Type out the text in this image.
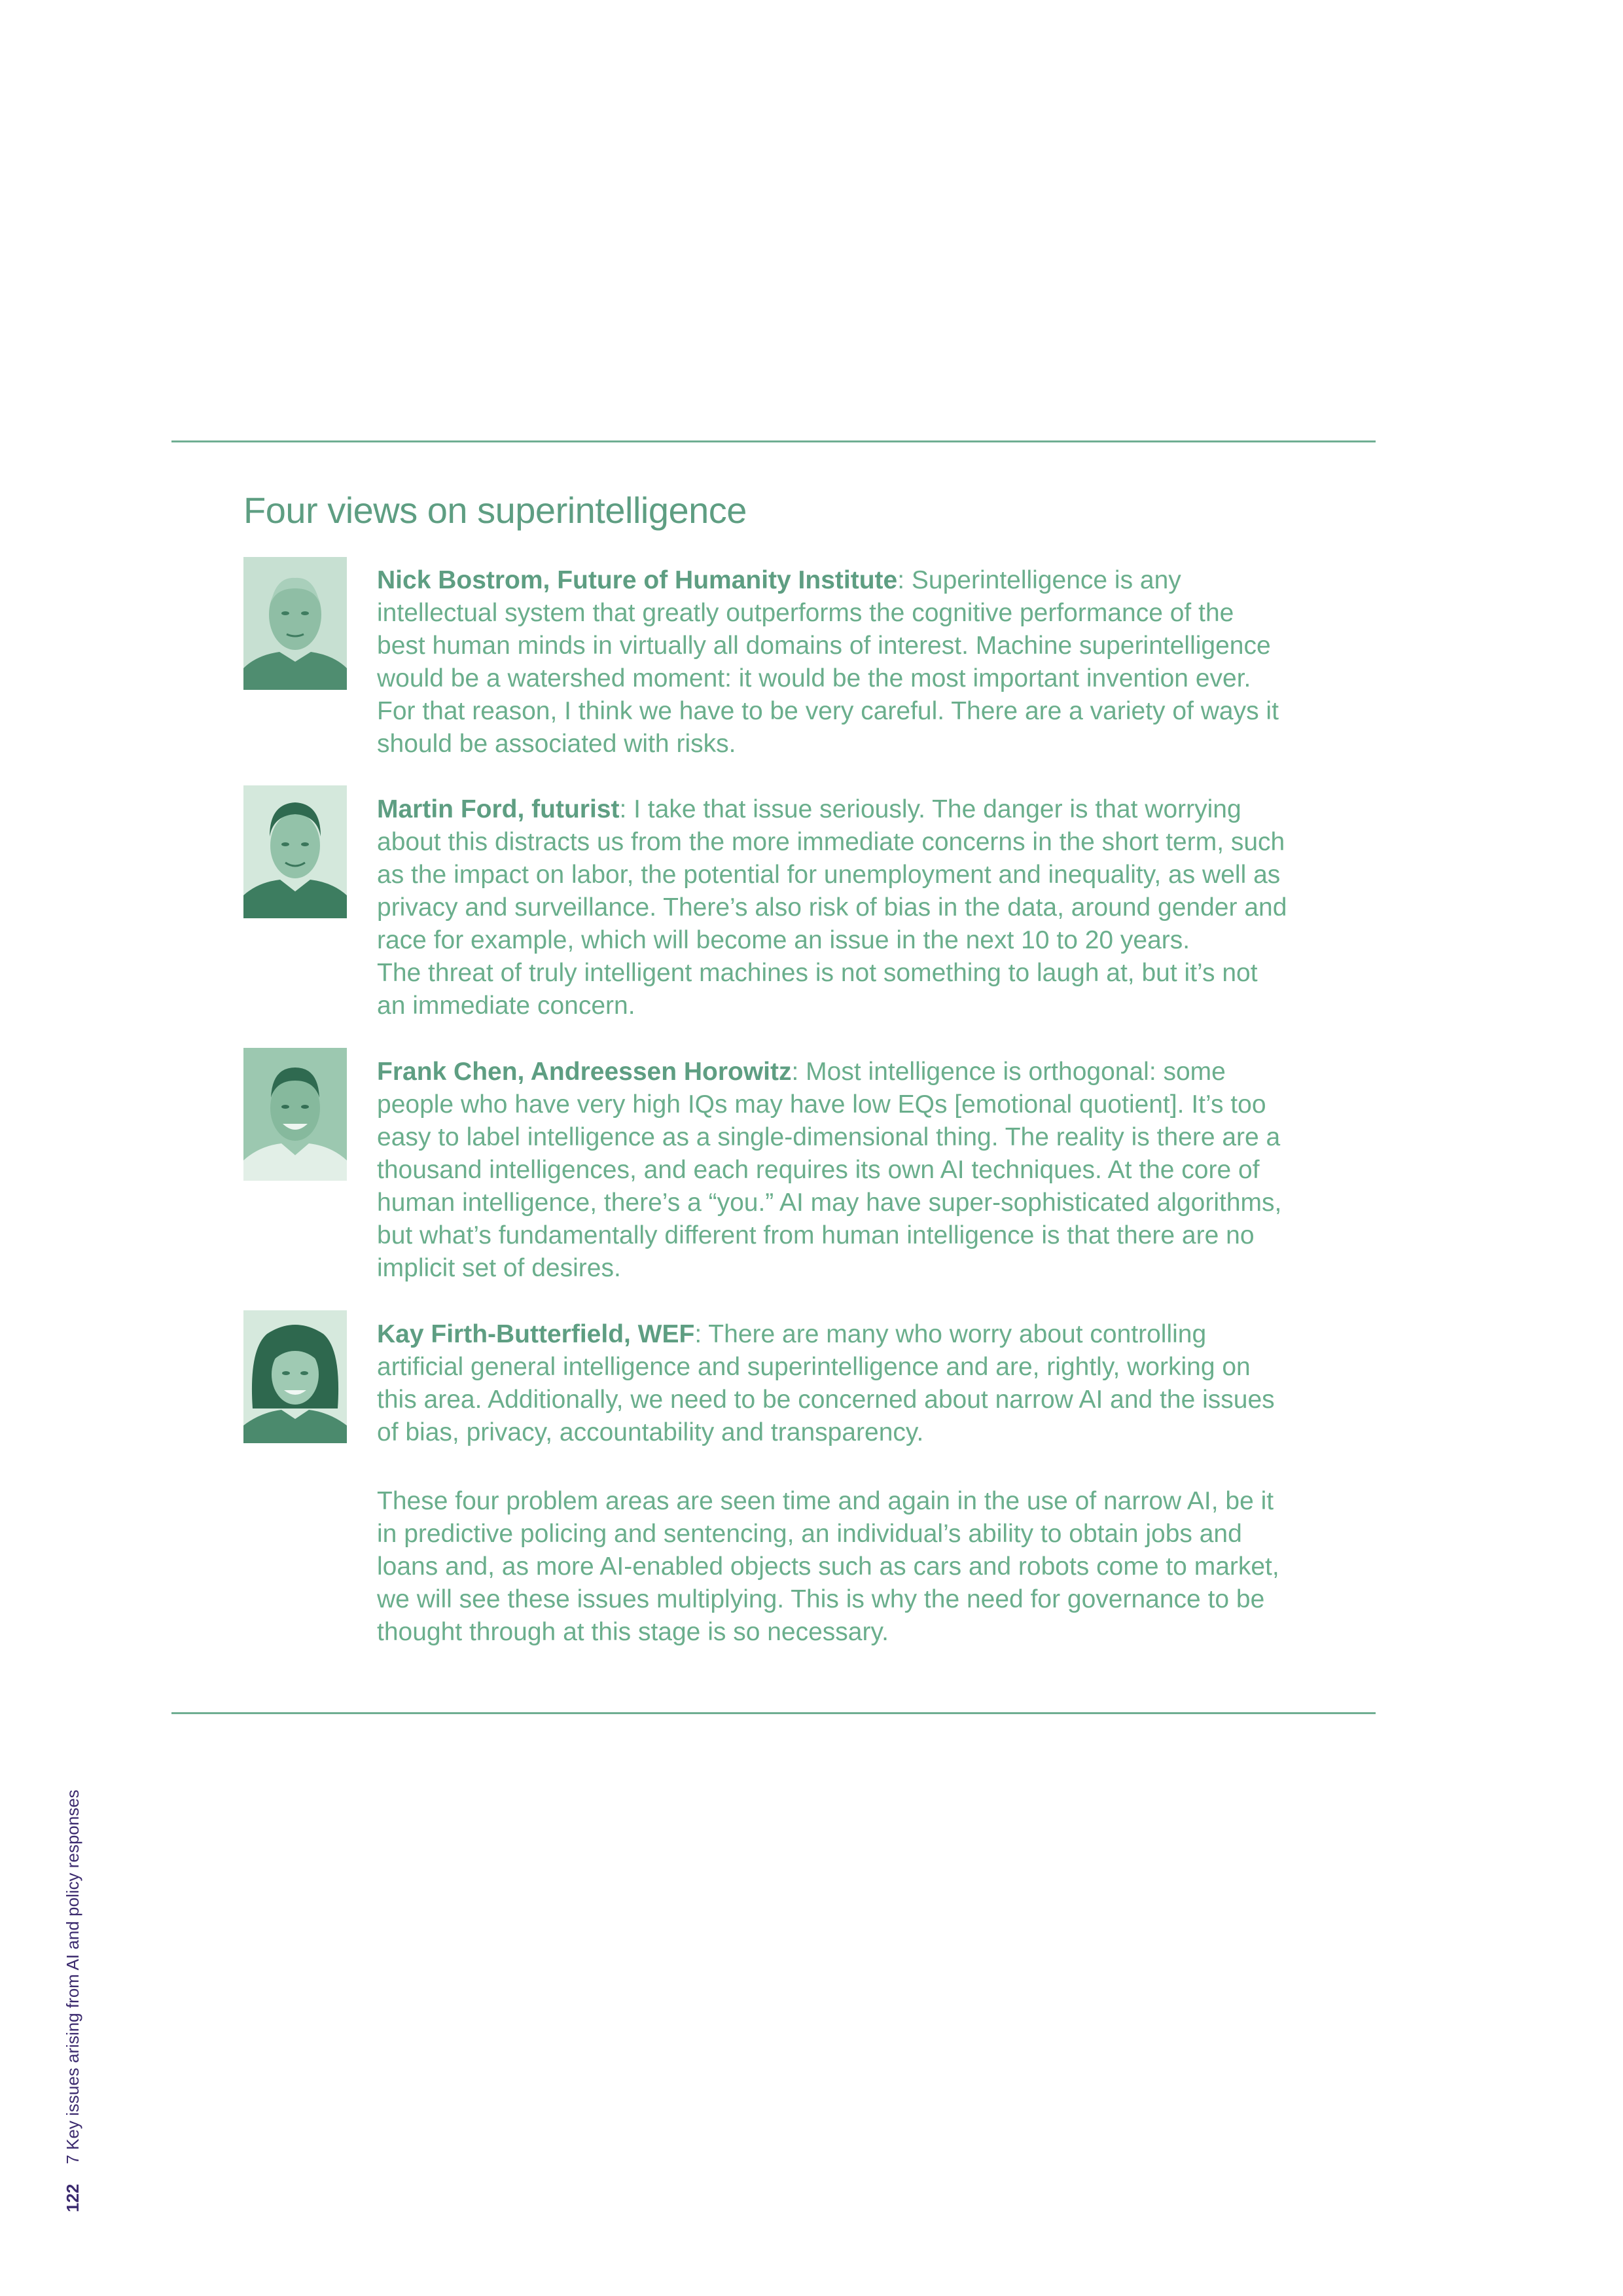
Four views on superintelligence

Nick Bostrom, Future of Humanity Institute: Superintelligence is any
intellectual system that greatly outperforms the cognitive performance of the
best human minds in virtually all domains of interest. Machine superintelligence
would be a watershed moment: it would be the most important invention ever.
For that reason, I think we have to be very careful. There are a variety of ways it
should be associated with risks.

Martin Ford, futurist: I take that issue seriously. The danger is that worrying
about this distracts us from the more immediate concerns in the short term, such
as the impact on labor, the potential for unemployment and inequality, as well as
privacy and surveillance. There’s also risk of bias in the data, around gender and
race for example, which will become an issue in the next 10 to 20 years.
The threat of truly intelligent machines is not something to laugh at, but it’s not
an immediate concern.

Frank Chen, Andreessen Horowitz: Most intelligence is orthogonal: some
people who have very high IQs may have low EQs [emotional quotient]. It’s too
easy to label intelligence as a single-dimensional thing. The reality is there are a
thousand intelligences, and each requires its own AI techniques. At the core of
human intelligence, there’s a “you.” AI may have super-sophisticated algorithms,
but what’s fundamentally different from human intelligence is that there are no
implicit set of desires.

Kay Firth-Butterfield, WEF: There are many who worry about controlling
artificial general intelligence and superintelligence and are, rightly, working on
this area. Additionally, we need to be concerned about narrow AI and the issues
of bias, privacy, accountability and transparency.

These four problem areas are seen time and again in the use of narrow AI, be it
in predictive policing and sentencing, an individual’s ability to obtain jobs and
loans and, as more AI-enabled objects such as cars and robots come to market,
we will see these issues multiplying. This is why the need for governance to be
thought through at this stage is so necessary.

1227 Key issues arising from AI and policy responses
